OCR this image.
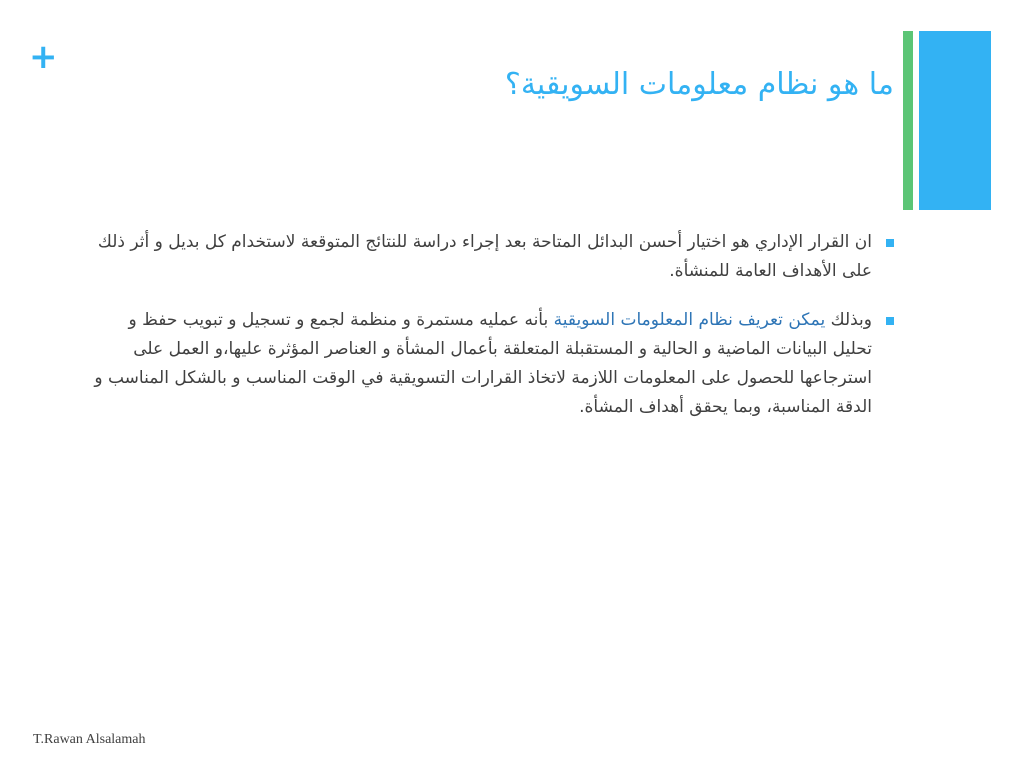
+
ما هو نظام معلومات السويقية؟
ان القرار الإداري هو اختيار أحسن البدائل المتاحة بعد إجراء دراسة للنتائج المتوقعة لاستخدام كل بديل و أثر ذلك على الأهداف العامة للمنشأة.
وبذلك يمكن تعريف نظام المعلومات السويقية بأنه عمليه مستمرة و منظمة لجمع و تسجيل و تبويب حفظ و تحليل البيانات الماضية و الحالية و المستقبلة المتعلقة بأعمال المشأة و العناصر المؤثرة عليها،و العمل على استرجاعها للحصول على المعلومات اللازمة لاتخاذ القرارات التسويقية في الوقت المناسب و بالشكل المناسب و الدقة المناسبة، وبما يحقق أهداف المشأة.
T.Rawan Alsalamah
